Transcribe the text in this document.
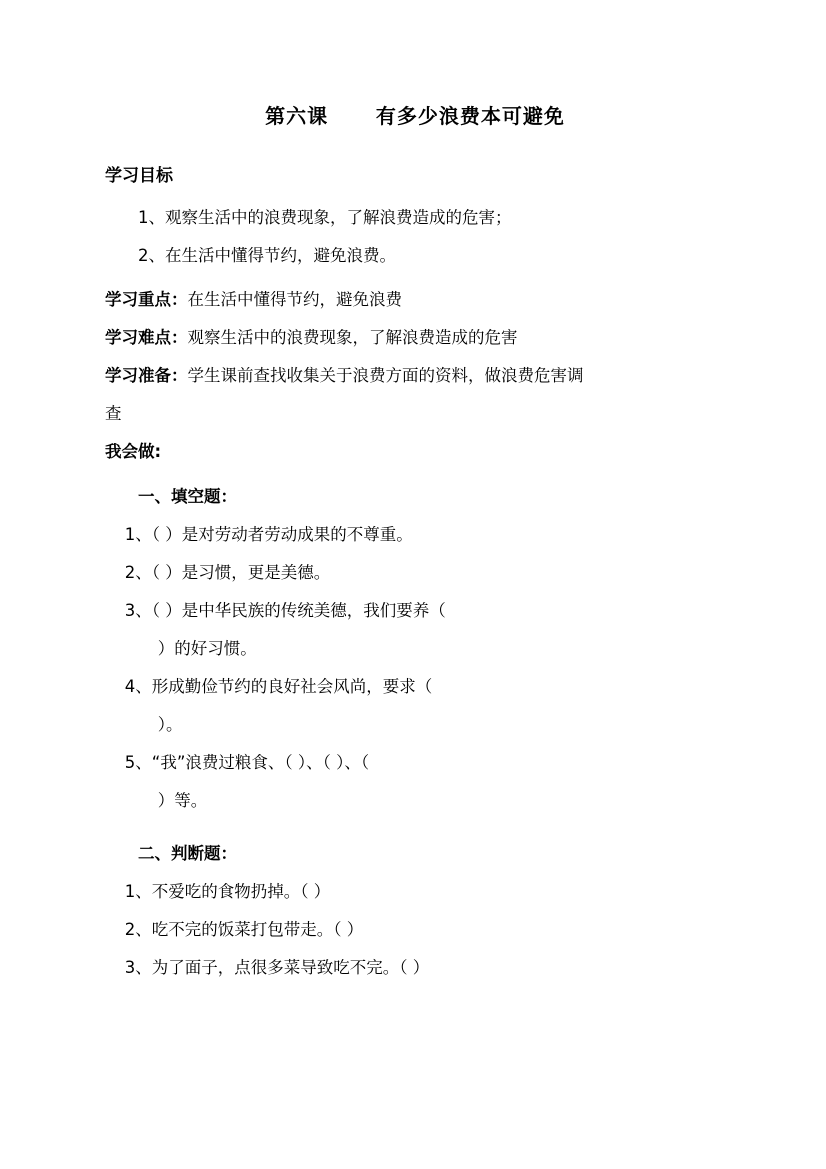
第六课      有多少浪费本可避免
学习目标
1、观察生活中的浪费现象，了解浪费造成的危害；
2、在生活中懂得节约，避免浪费。
学习重点：在生活中懂得节约，避免浪费
学习难点：观察生活中的浪费现象，了解浪费造成的危害
学习准备：学生课前查找收集关于浪费方面的资料，做浪费危害调
查
我会做:
一、填空题：
1、（ ）是对劳动者劳动成果的不尊重。
2、（ ）是习惯，更是美德。
3、（ ）是中华民族的传统美德，我们要养（
）的好习惯。
4、形成勤俭节约的良好社会风尚，要求（
）。
5、“我”浪费过粮食、（ ）、（ ）、（
）等。
二、判断题：
1、不爱吃的食物扔掉。（ ）
2、吃不完的饭菜打包带走。（ ）
3、为了面子，点很多菜导致吃不完。（ ）
